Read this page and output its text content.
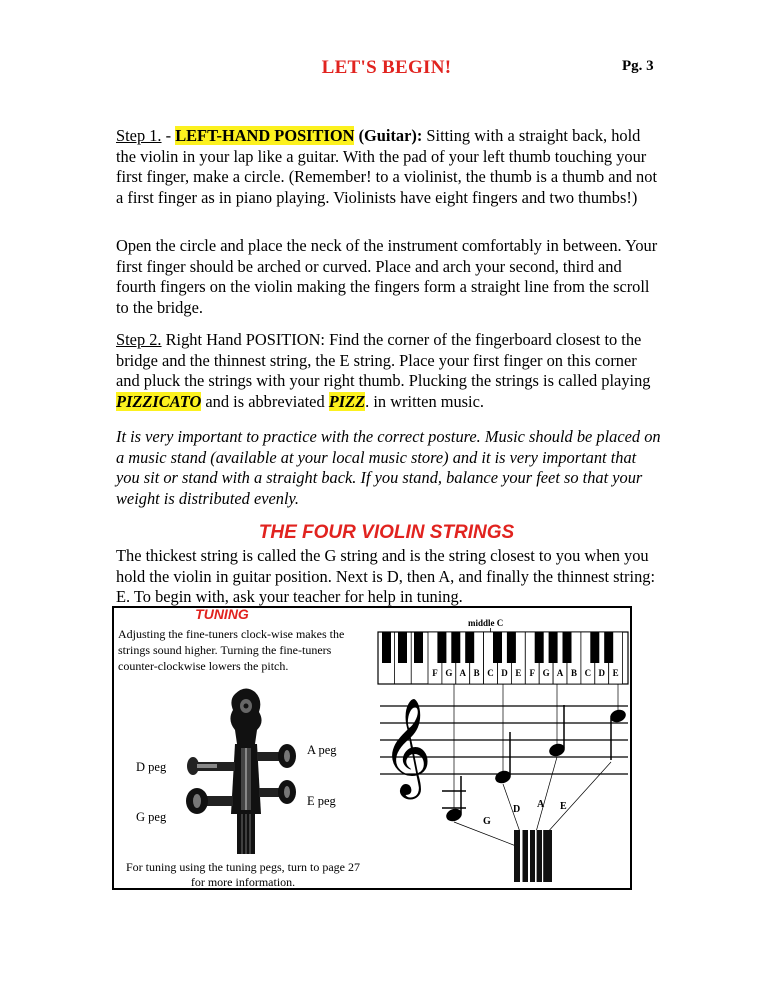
LET'S BEGIN!	Pg. 3
Step 1. - LEFT-HAND POSITION (Guitar): Sitting with a straight back, hold the violin in your lap like a guitar. With the pad of your left thumb touching your first finger, make a circle. (Remember! to a violinist, the thumb is a thumb and not a first finger as in piano playing. Violinists have eight fingers and two thumbs!)
Open the circle and place the neck of the instrument comfortably in between. Your first finger should be arched or curved. Place and arch your second, third and fourth fingers on the violin making the fingers form a straight line from the scroll to the bridge.
Step 2. Right Hand POSITION: Find the corner of the fingerboard closest to the bridge and the thinnest string, the E string. Place your first finger on this corner and pluck the strings with your right thumb. Plucking the strings is called playing PIZZICATO and is abbreviated PIZZ. in written music.
It is very important to practice with the correct posture. Music should be placed on a music stand (available at your local music store) and it is very important that you sit or stand with a straight back. If you stand, balance your feet so that your weight is distributed evenly.
THE FOUR VIOLIN STRINGS
The thickest string is called the G string and is the string closest to you when you hold the violin in guitar position. Next is D, then A, and finally the thinnest string: E. To begin with, ask your teacher for help in tuning.
TUNING
Adjusting the fine-tuners clock-wise makes the strings sound higher. Turning the fine-tuners counter-clockwise lowers the pitch.
D peg
G peg
A peg
E peg
For tuning using the tuning pegs, turn to page 27 for more information.
middle C
F G A B C D E F G A B C D E
𝄞
G
D A E
